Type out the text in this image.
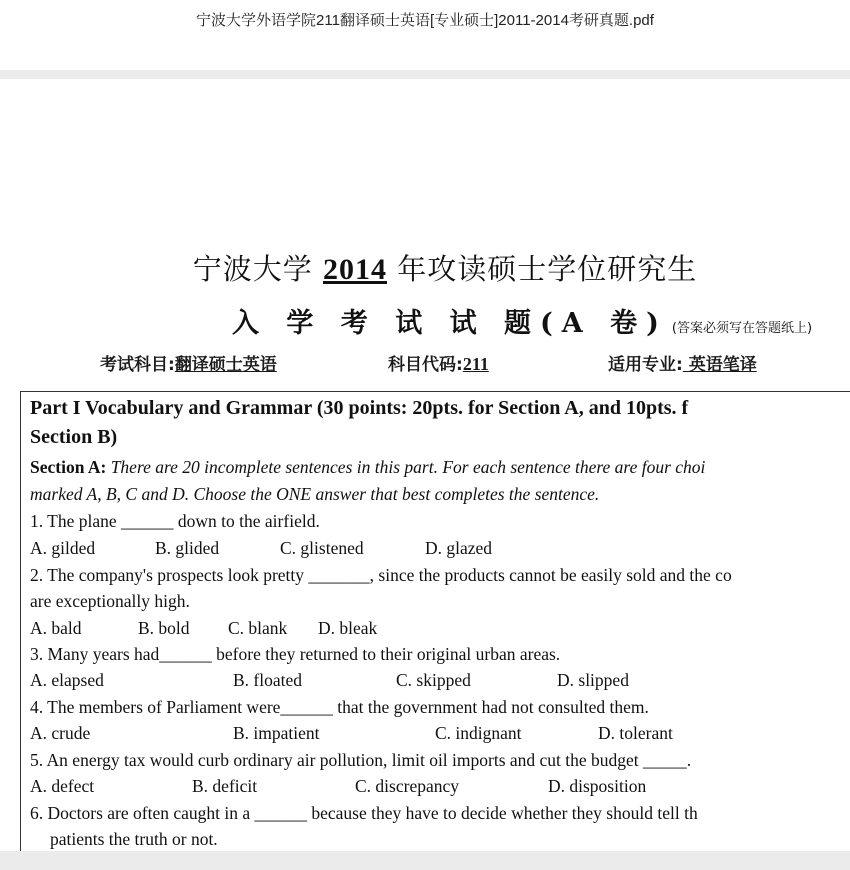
宁波大学外语学院211翻译硕士英语[专业硕士]2011-2014考研真题.pdf
宁波大学 2014 年攻读硕士学位研究生
入 学 考 试 试 题(A 卷) (答案必须写在答题纸上)
考试科目:翻译硕士英语	科目代码:211	适用专业: 英语笔译
Part I Vocabulary and Grammar (30 points: 20pts. for Section A, and 10pts. f
Section B)
Section A: There are 20 incomplete sentences in this part. For each sentence there are four choi
marked A, B, C and D. Choose the ONE answer that best completes the sentence.
1. The plane ______ down to the airfield.
A. gilded	B. glided	C. glistened	D. glazed
2. The company's prospects look pretty _______, since the products cannot be easily sold and the co
are exceptionally high.
A. bald	B. bold C. blank D. bleak
3. Many years had______ before they returned to their original urban areas.
A. elapsed	B. floated	C. skipped	D. slipped
4. The members of Parliament were______ that the government had not consulted them.
A. crude	B. impatient	C. indignant	D. tolerant
5. An energy tax would curb ordinary air pollution, limit oil imports and cut the budget _____.
A. defect	B. deficit	C. discrepancy	D. disposition
6. Doctors are often caught in a ______ because they have to decide whether they should tell th
patients the truth or not.
